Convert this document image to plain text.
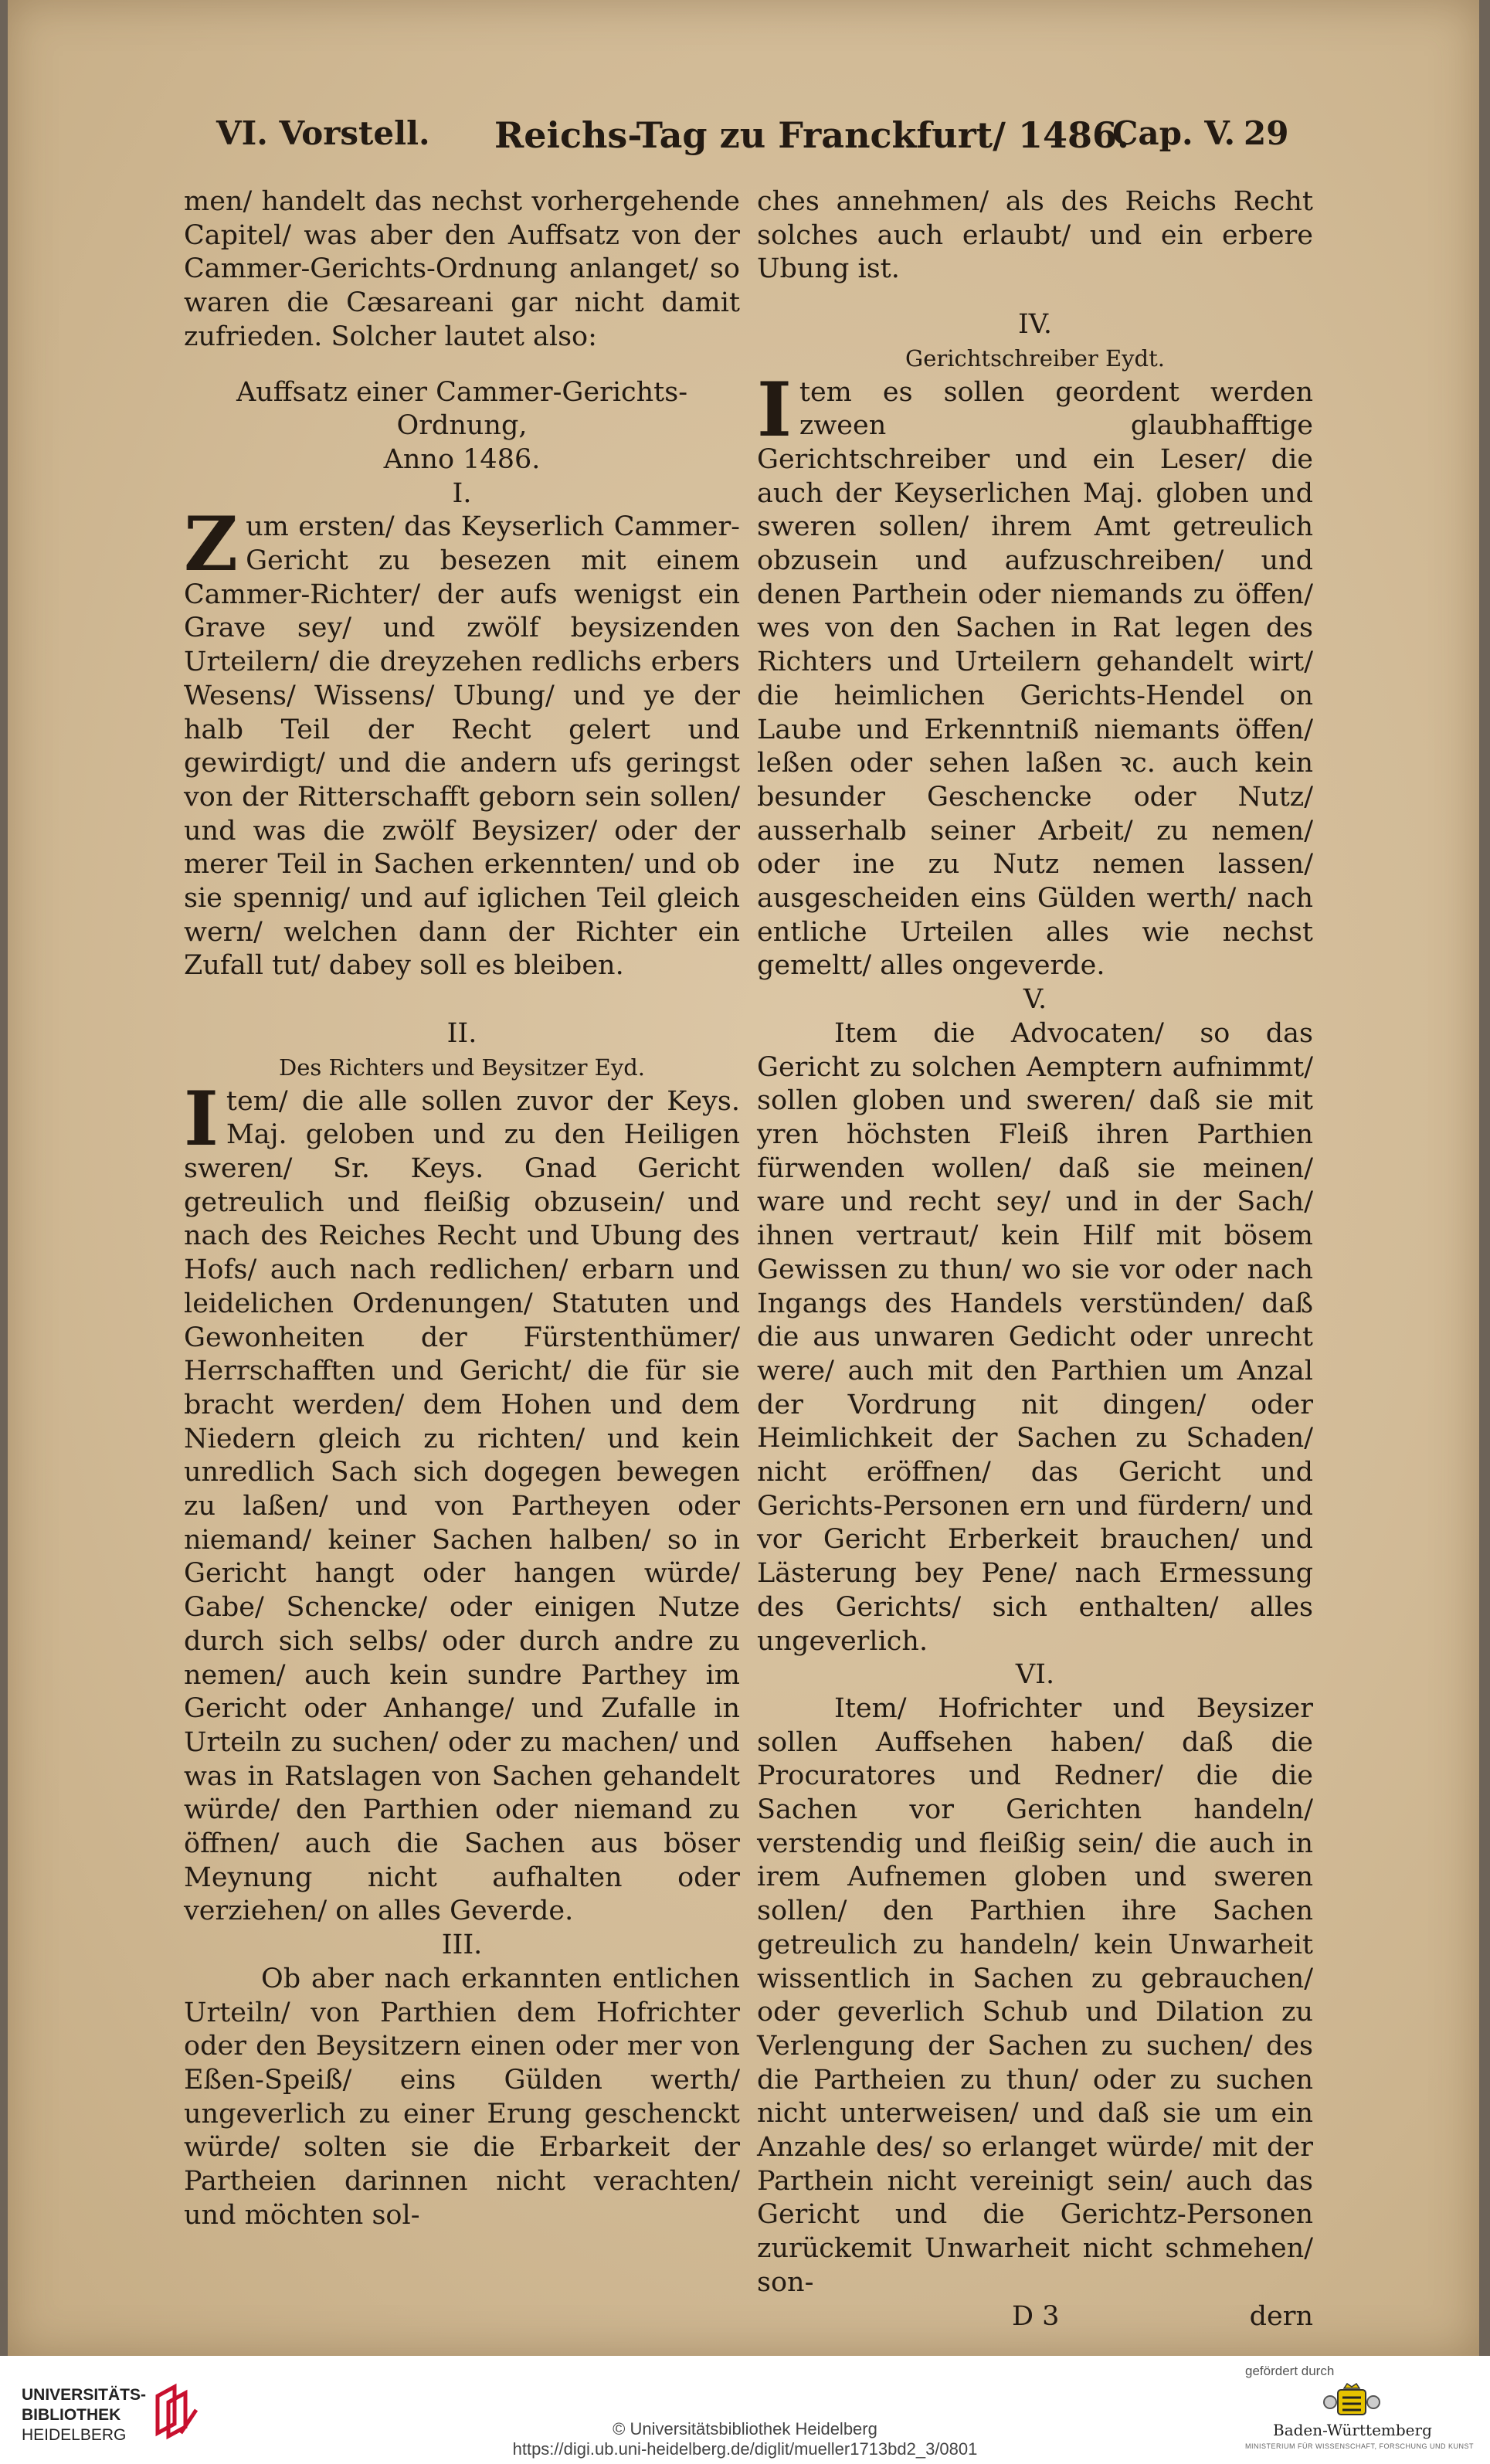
VI. Vorstell. Reichs-Tag zu Franckfurt/ 1486.
Cap. V. 29

men/ handelt das nechst vorhergehende Capitel/ was aber den Auffsatz von der Cammer-Gerichts-Ordnung anlanget/ so waren die Cæsareani gar nicht damit zufrieden. Solcher lautet also:

Auffsatz einer Cammer-Gerichts-Ordnung,

Anno 1486.

I.

Zum ersten/ das Keyserlich Cammer-Gericht zu besezen mit einem Cammer-Richter/ der aufs wenigst ein Grave sey/ und zwölf beysizenden Urteilern/ die dreyzehen redlichs erbers Wesens/ Wissens/ Ubung/ und ye der halb Teil der Recht gelert und gewirdigt/ und die andern ufs geringst von der Ritterschafft geborn sein sollen/ und was die zwölf Beysizer/ oder der merer Teil in Sachen erkennten/ und ob sie spennig/ und auf iglichen Teil gleich wern/ welchen dann der Richter ein Zufall tut/ dabey soll es bleiben.

II.

Des Richters und Beysitzer Eyd.

Item/ die alle sollen zuvor der Keys. Maj. geloben und zu den Heiligen sweren/ Sr. Keys. Gnad Gericht getreulich und fleißig obzusein/ und nach des Reiches Recht und Ubung des Hofs/ auch nach redlichen/ erbarn und leidelichen Ordenungen/ Statuten und Gewonheiten der Fürstenthümer/ Herrschafften und Gericht/ die für sie bracht werden/ dem Hohen und dem Niedern gleich zu richten/ und kein unredlich Sach sich dogegen bewegen zu laßen/ und von Partheyen oder niemand/ keiner Sachen halben/ so in Gericht hangt oder hangen würde/ Gabe/ Schencke/ oder einigen Nutze durch sich selbs/ oder durch andre zu nemen/ auch kein sundre Parthey im Gericht oder Anhange/ und Zufalle in Urteiln zu suchen/ oder zu machen/ und was in Ratslagen von Sachen gehandelt würde/ den Parthien oder niemand zu öffnen/ auch die Sachen aus böser Meynung nicht aufhalten oder verziehen/ on alles Geverde.

III.

Ob aber nach erkannten entlichen Urteiln/ von Parthien dem Hofrichter oder den Beysitzern einen oder mer von Eßen-Speiß/ eins Gülden werth/ ungeverlich zu einer Erung geschenckt würde/ solten sie die Erbarkeit der Partheien darinnen nicht verachten/ und möchten sol-

ches annehmen/ als des Reichs Recht solches auch erlaubt/ und ein erbere Ubung ist.

IV.

Gerichtschreiber Eydt.

Item es sollen geordent werden zween glaubhafftige Gerichtschreiber und ein Leser/ die auch der Keyserlichen Maj. globen und sweren sollen/ ihrem Amt getreulich obzusein und aufzuschreiben/ und denen Parthein oder niemands zu öffen/ wes von den Sachen in Rat legen des Richters und Urteilern gehandelt wirt/ die heimlichen Gerichts-Hendel on Laube und Erkenntniß niemants öffen/ leßen oder sehen laßen ꝛc. auch kein besunder Geschencke oder Nutz/ ausserhalb seiner Arbeit/ zu nemen/ oder ine zu Nutz nemen lassen/ ausgescheiden eins Gülden werth/ nach entliche Urteilen alles wie nechst gemeltt/ alles ongeverde.

V.

Item die Advocaten/ so das Gericht zu solchen Aemptern aufnimmt/ sollen globen und sweren/ daß sie mit yren höchsten Fleiß ihren Parthien fürwenden wollen/ daß sie meinen/ ware und recht sey/ und in der Sach/ ihnen vertraut/ kein Hilf mit bösem Gewissen zu thun/ wo sie vor oder nach Ingangs des Handels verstünden/ daß die aus unwaren Gedicht oder unrecht were/ auch mit den Parthien um Anzal der Vordrung nit dingen/ oder Heimlichkeit der Sachen zu Schaden/ nicht eröffnen/ das Gericht und Gerichts-Personen ern und fürdern/ und vor Gericht Erberkeit brauchen/ und Lästerung bey Pene/ nach Ermessung des Gerichts/ sich enthalten/ alles ungeverlich.

VI.

Item/ Hofrichter und Beysizer sollen Auffsehen haben/ daß die Procuratores und Redner/ die die Sachen vor Gerichten handeln/ verstendig und fleißig sein/ die auch in irem Aufnemen globen und sweren sollen/ den Parthien ihre Sachen getreulich zu handeln/ kein Unwarheit wissentlich in Sachen zu gebrauchen/ oder geverlich Schub und Dilation zu Verlengung der Sachen zu suchen/ des die Partheien zu thun/ oder zu suchen nicht unterweisen/ und daß sie um ein Anzahle des/ so erlanget würde/ mit der Parthein nicht vereinigt sein/ auch das Gericht und die Gerichtz-Personen zurückemit Unwarheit nicht schmehen/ son-

D 3	dern

UNIVERSITÄTS-
BIBLIOTHEK
HEIDELBERG	© Universitätsbibliothek Heidelberg
https://digi.ub.uni-heidelberg.de/diglit/mueller1713bd2_3/0801
gefördert durch
Baden-Württemberg
MINISTERIUM FÜR WISSENSCHAFT, FORSCHUNG UND KUNST
